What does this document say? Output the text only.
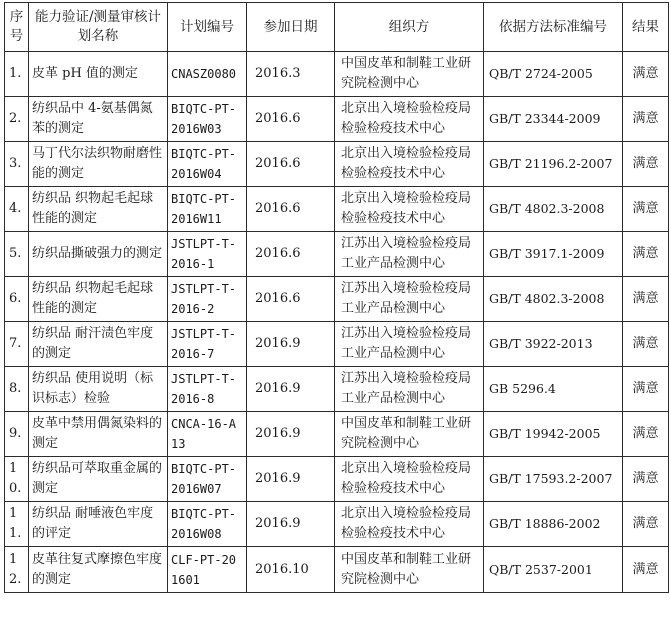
序号	能力验证/测量审核计划名称	计划编号	参加日期	组织方	依据方法标准编号	结果
1.	皮革 pH 值的测定	CNASZ0080	2016.3	中国皮革和制鞋工业研究院检测中心	QB/T 2724-2005	满意
2.	纺织品中 4-氨基偶氮苯的测定	BIQTC-PT-2016W03	2016.6	北京出入境检验检疫局检验检疫技术中心	GB/T 23344-2009	满意
3.	马丁代尔法织物耐磨性能的测定	BIQTC-PT-2016W04	2016.6	北京出入境检验检疫局检验检疫技术中心	GB/T 21196.2-2007	满意
4.	纺织品 织物起毛起球性能的测定	BIQTC-PT-2016W11	2016.6	北京出入境检验检疫局检验检疫技术中心	GB/T 4802.3-2008	满意
5.	纺织品撕破强力的测定	JSTLPT-T-2016-1	2016.6	江苏出入境检验检疫局工业产品检测中心	GB/T 3917.1-2009	满意
6.	纺织品 织物起毛起球性能的测定	JSTLPT-T-2016-2	2016.6	江苏出入境检验检疫局工业产品检测中心	GB/T 4802.3-2008	满意
7.	纺织品 耐汗渍色牢度的测定	JSTLPT-T-2016-7	2016.9	江苏出入境检验检疫局工业产品检测中心	GB/T 3922-2013	满意
8.	纺织品 使用说明（标识标志）检验	JSTLPT-T-2016-8	2016.9	江苏出入境检验检疫局工业产品检测中心	GB 5296.4	满意
9.	皮革中禁用偶氮染料的测定	CNCA-16-A13	2016.9	中国皮革和制鞋工业研究院检测中心	GB/T 19942-2005	满意
10.	纺织品可萃取重金属的测定	BIQTC-PT-2016W07	2016.9	北京出入境检验检疫局检验检疫技术中心	GB/T 17593.2-2007	满意
11.	纺织品 耐唾液色牢度的评定	BIQTC-PT-2016W08	2016.9	北京出入境检验检疫局检验检疫技术中心	GB/T 18886-2002	满意
12.	皮革往复式摩擦色牢度的测定	CLF-PT-201601	2016.10	中国皮革和制鞋工业研究院检测中心	QB/T 2537-2001	满意
